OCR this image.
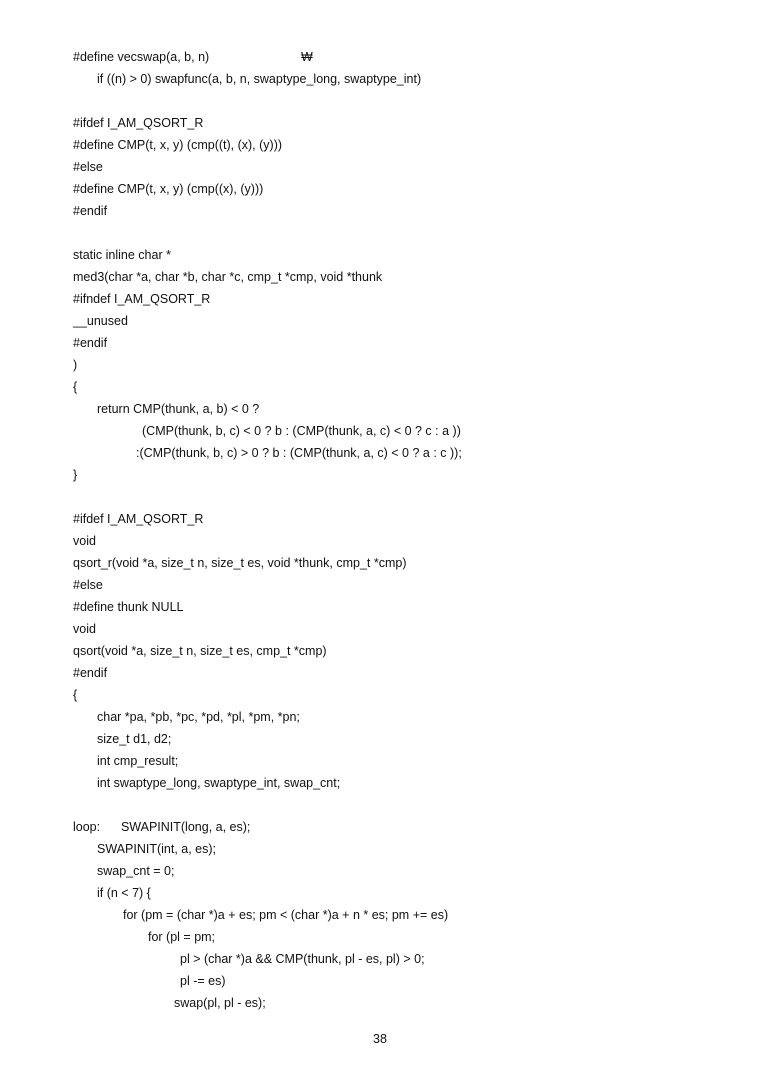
#define vecswap(a, b, n)	₩
if ((n) > 0) swapfunc(a, b, n, swaptype_long, swaptype_int)
#ifdef I_AM_QSORT_R
#define CMP(t, x, y) (cmp((t), (x), (y)))
#else
#define CMP(t, x, y) (cmp((x), (y)))
#endif
static inline char *
med3(char *a, char *b, char *c, cmp_t *cmp, void *thunk
#ifndef I_AM_QSORT_R
__unused
#endif
)
{
return CMP(thunk, a, b) < 0 ?
(CMP(thunk, b, c) < 0 ? b : (CMP(thunk, a, c) < 0 ? c : a ))
:(CMP(thunk, b, c) > 0 ? b : (CMP(thunk, a, c) < 0 ? a : c ));
}
#ifdef I_AM_QSORT_R
void
qsort_r(void *a, size_t n, size_t es, void *thunk, cmp_t *cmp)
#else
#define thunk NULL
void
qsort(void *a, size_t n, size_t es, cmp_t *cmp)
#endif
{
char *pa, *pb, *pc, *pd, *pl, *pm, *pn;
size_t d1, d2;
int cmp_result;
int swaptype_long, swaptype_int, swap_cnt;
loop:      SWAPINIT(long, a, es);
SWAPINIT(int, a, es);
swap_cnt = 0;
if (n < 7) {
for (pm = (char *)a + es; pm < (char *)a + n * es; pm += es)
for (pl = pm;
pl > (char *)a && CMP(thunk, pl - es, pl) > 0;
pl -= es)
swap(pl, pl - es);
38
